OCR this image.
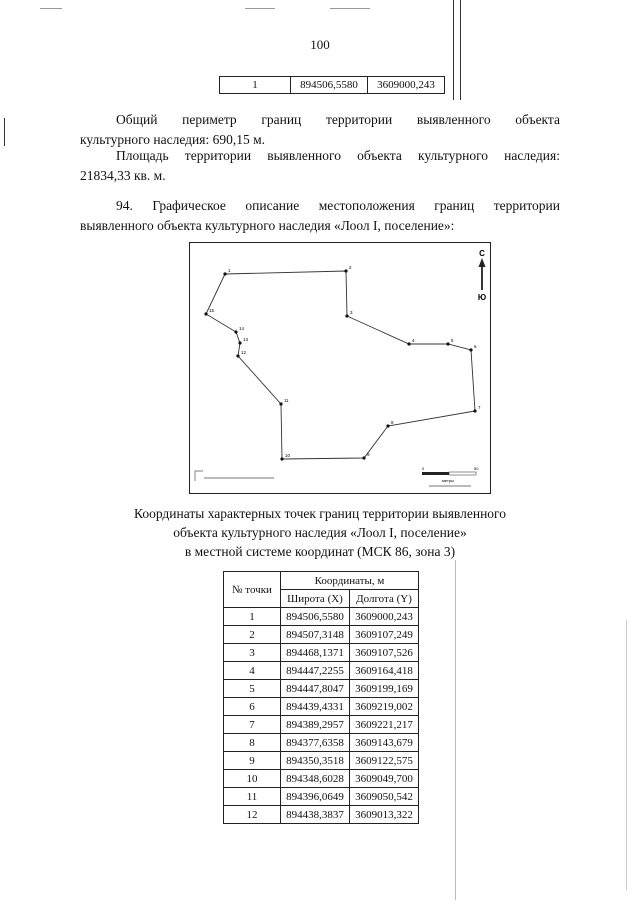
100
1	894506,5580	3609000,243

Общий периметр границ территории выявленного объекта
культурного наследия: 690,15 м.

Площадь территории выявленного объекта культурного наследия:
21834,33 кв. м.

94. Графическое описание местоположения границ территории
выявленного объекта культурного наследия «Лоол I, поселение»:

1
2
3
4	5
6
7
8
9
10
11
12
13
14
15
С
Ю
0	50
метры
Координаты характерных точек границ территории выявленного
объекта культурного наследия «Лоол I, поселение»
в местной системе координат (МСК 86, зона 3)
№ точки	Координаты, м	
	Широта (X)	Долгота (Y)
1	894506,5580	3609000,243
2	894507,3148	3609107,249
3	894468,1371	3609107,526
4	894447,2255	3609164,418
5	894447,8047	3609199,169
6	894439,4331	3609219,002
7	894389,2957	3609221,217
8	894377,6358	3609143,679
9	894350,3518	3609122,575
10	894348,6028	3609049,700
11	894396,0649	3609050,542
12	894438,3837	3609013,322
